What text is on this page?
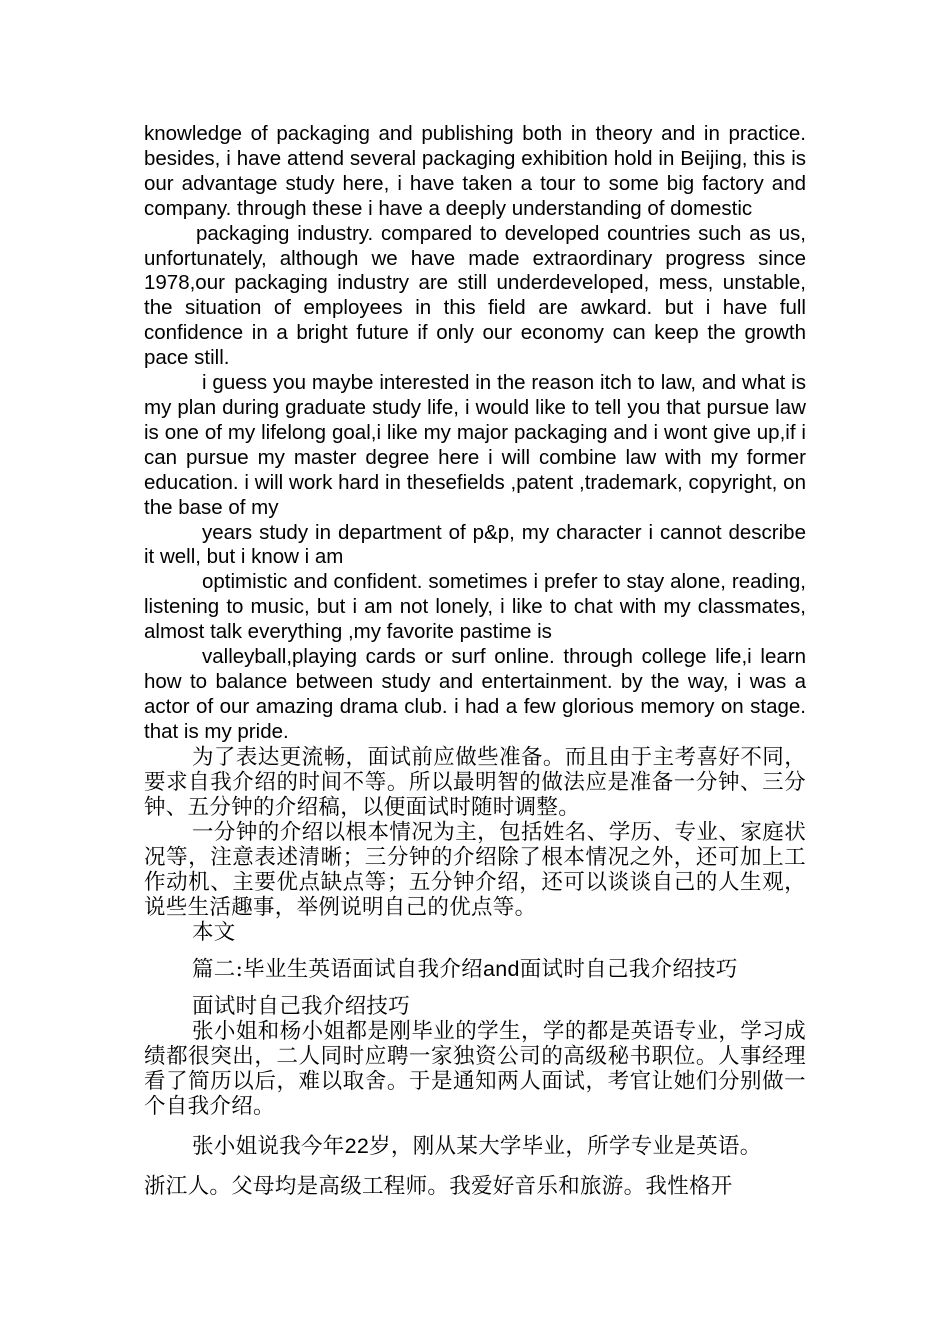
knowledge of packaging and publishing both in theory and in practice. besides, i have attend several packaging exhibition hold in Beijing, this is our advantage study here, i have taken a tour to some big factory and company. through these i have a deeply understanding of domestic

packaging industry. compared to developed countries such as us, unfortunately, although we have made extraordinary progress since 1978,our packaging industry are still underdeveloped, mess, unstable, the situation of employees in this field are awkard. but i have full confidence in a bright future if only our economy can keep the growth pace still.

i guess you maybe interested in the reason itch to law, and what is my plan during graduate study life, i would like to tell you that pursue law is one of my lifelong goal,i like my major packaging and i wont give up,if i can pursue my master degree here i will combine law with my former education. i will work hard in thesefields ,patent ,trademark, copyright, on the base of my

years study in department of p&p, my character i cannot describe it well, but i know i am

optimistic and confident. sometimes i prefer to stay alone, reading, listening to music, but i am not lonely, i like to chat with my classmates, almost talk everything ,my favorite pastime is

valleyball,playing cards or surf online. through college life,i learn how to balance between study and entertainment. by the way, i was a actor of our amazing drama club. i had a few glorious memory on stage. that is my pride.

为了表达更流畅，面试前应做些准备。而且由于主考喜好不同，要求自我介绍的时间不等。所以最明智的做法应是准备一分钟、三分钟、五分钟的介绍稿，以便面试时随时调整。

一分钟的介绍以根本情况为主，包括姓名、学历、专业、家庭状况等，注意表述清晰；三分钟的介绍除了根本情况之外，还可加上工作动机、主要优点缺点等；五分钟介绍，还可以谈谈自己的人生观，说些生活趣事，举例说明自己的优点等。

本文

篇二:毕业生英语面试自我介绍and面试时自己我介绍技巧

面试时自己我介绍技巧

张小姐和杨小姐都是刚毕业的学生，学的都是英语专业，学习成绩都很突出，二人同时应聘一家独资公司的高级秘书职位。人事经理看了简历以后，难以取舍。于是通知两人面试，考官让她们分别做一个自我介绍。

张小姐说我今年22岁，刚从某大学毕业，所学专业是英语。

浙江人。父母均是高级工程师。我爱好音乐和旅游。我性格开
